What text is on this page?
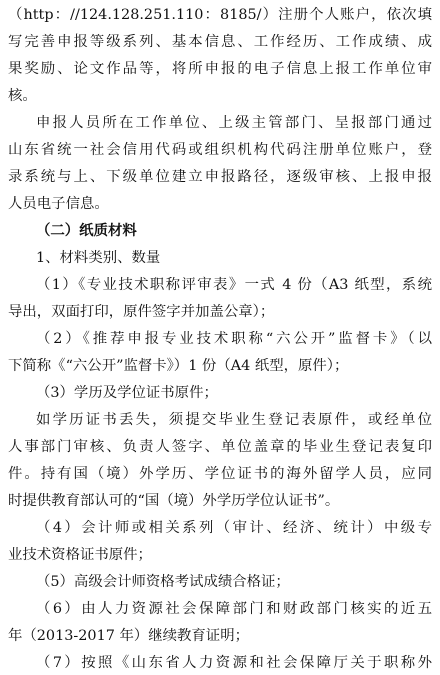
（http：//124.128.251.110：8185/）注册个人账户，依次填
写完善申报等级系列、基本信息、工作经历、工作成绩、成
果奖励、论文作品等，将所申报的电子信息上报工作单位审
核。
申报人员所在工作单位、上级主管部门、呈报部门通过
山东省统一社会信用代码或组织机构代码注册单位账户，登
录系统与上、下级单位建立申报路径，逐级审核、上报申报
人员电子信息。
（二）纸质材料
1、材料类别、数量
（1）《专业技术职称评审表》一式 4 份（A3 纸型，系统
导出，双面打印，原件签字并加盖公章）；
（2）《推荐申报专业技术职称“六公开”监督卡》（以
下简称《“六公开”监督卡》）1 份（A4 纸型，原件）；
（3）学历及学位证书原件；
如学历证书丢失，须提交毕业生登记表原件，或经单位
人事部门审核、负责人签字、单位盖章的毕业生登记表复印
件。持有国（境）外学历、学位证书的海外留学人员，应同
时提供教育部认可的“国（境）外学历学位认证书”。
（4）会计师或相关系列（审计、经济、统计）中级专
业技术资格证书原件；
（5）高级会计师资格考试成绩合格证；
（6）由人力资源社会保障部门和财政部门核实的近五
年（2013-2017 年）继续教育证明；
（7）按照《山东省人力资源和社会保障厅关于职称外
